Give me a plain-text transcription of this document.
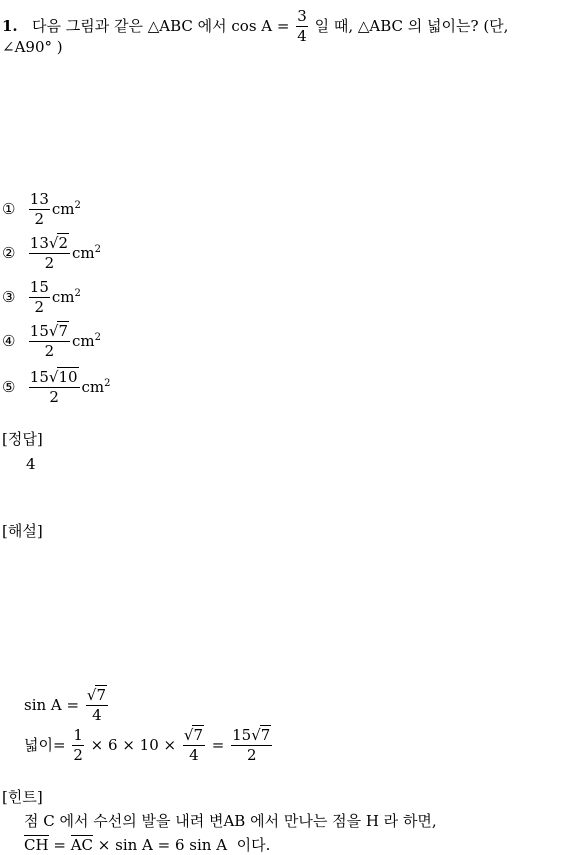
1. 다음 그림과 같은 △ABC 에서 $\cos A = \frac{3}{4}$ 일 때, △ABC 의 넓이는? (단,
∠A90° )
① $\frac{13}{2} cm^2$
② $\frac{13√2}{2} cm^2$
③ $\frac{15}{2} cm^2$
④ $\frac{15√7}{2} cm^2$
⑤ $\frac{15√10}{2} cm^2$
[정답]
4
[해설]
$\sin A = \frac{√7}{4}$
넓이= $\frac{1}{2} \times 6 \times 10 \times \frac{√7}{4} = \frac{15√7}{2}$
[힌트]
점 C 에서 수선의 발을 내려 변AB 에서 만나는 점을 H 라 하면,
CH = AC × sin A = 6 sin A 이다.
